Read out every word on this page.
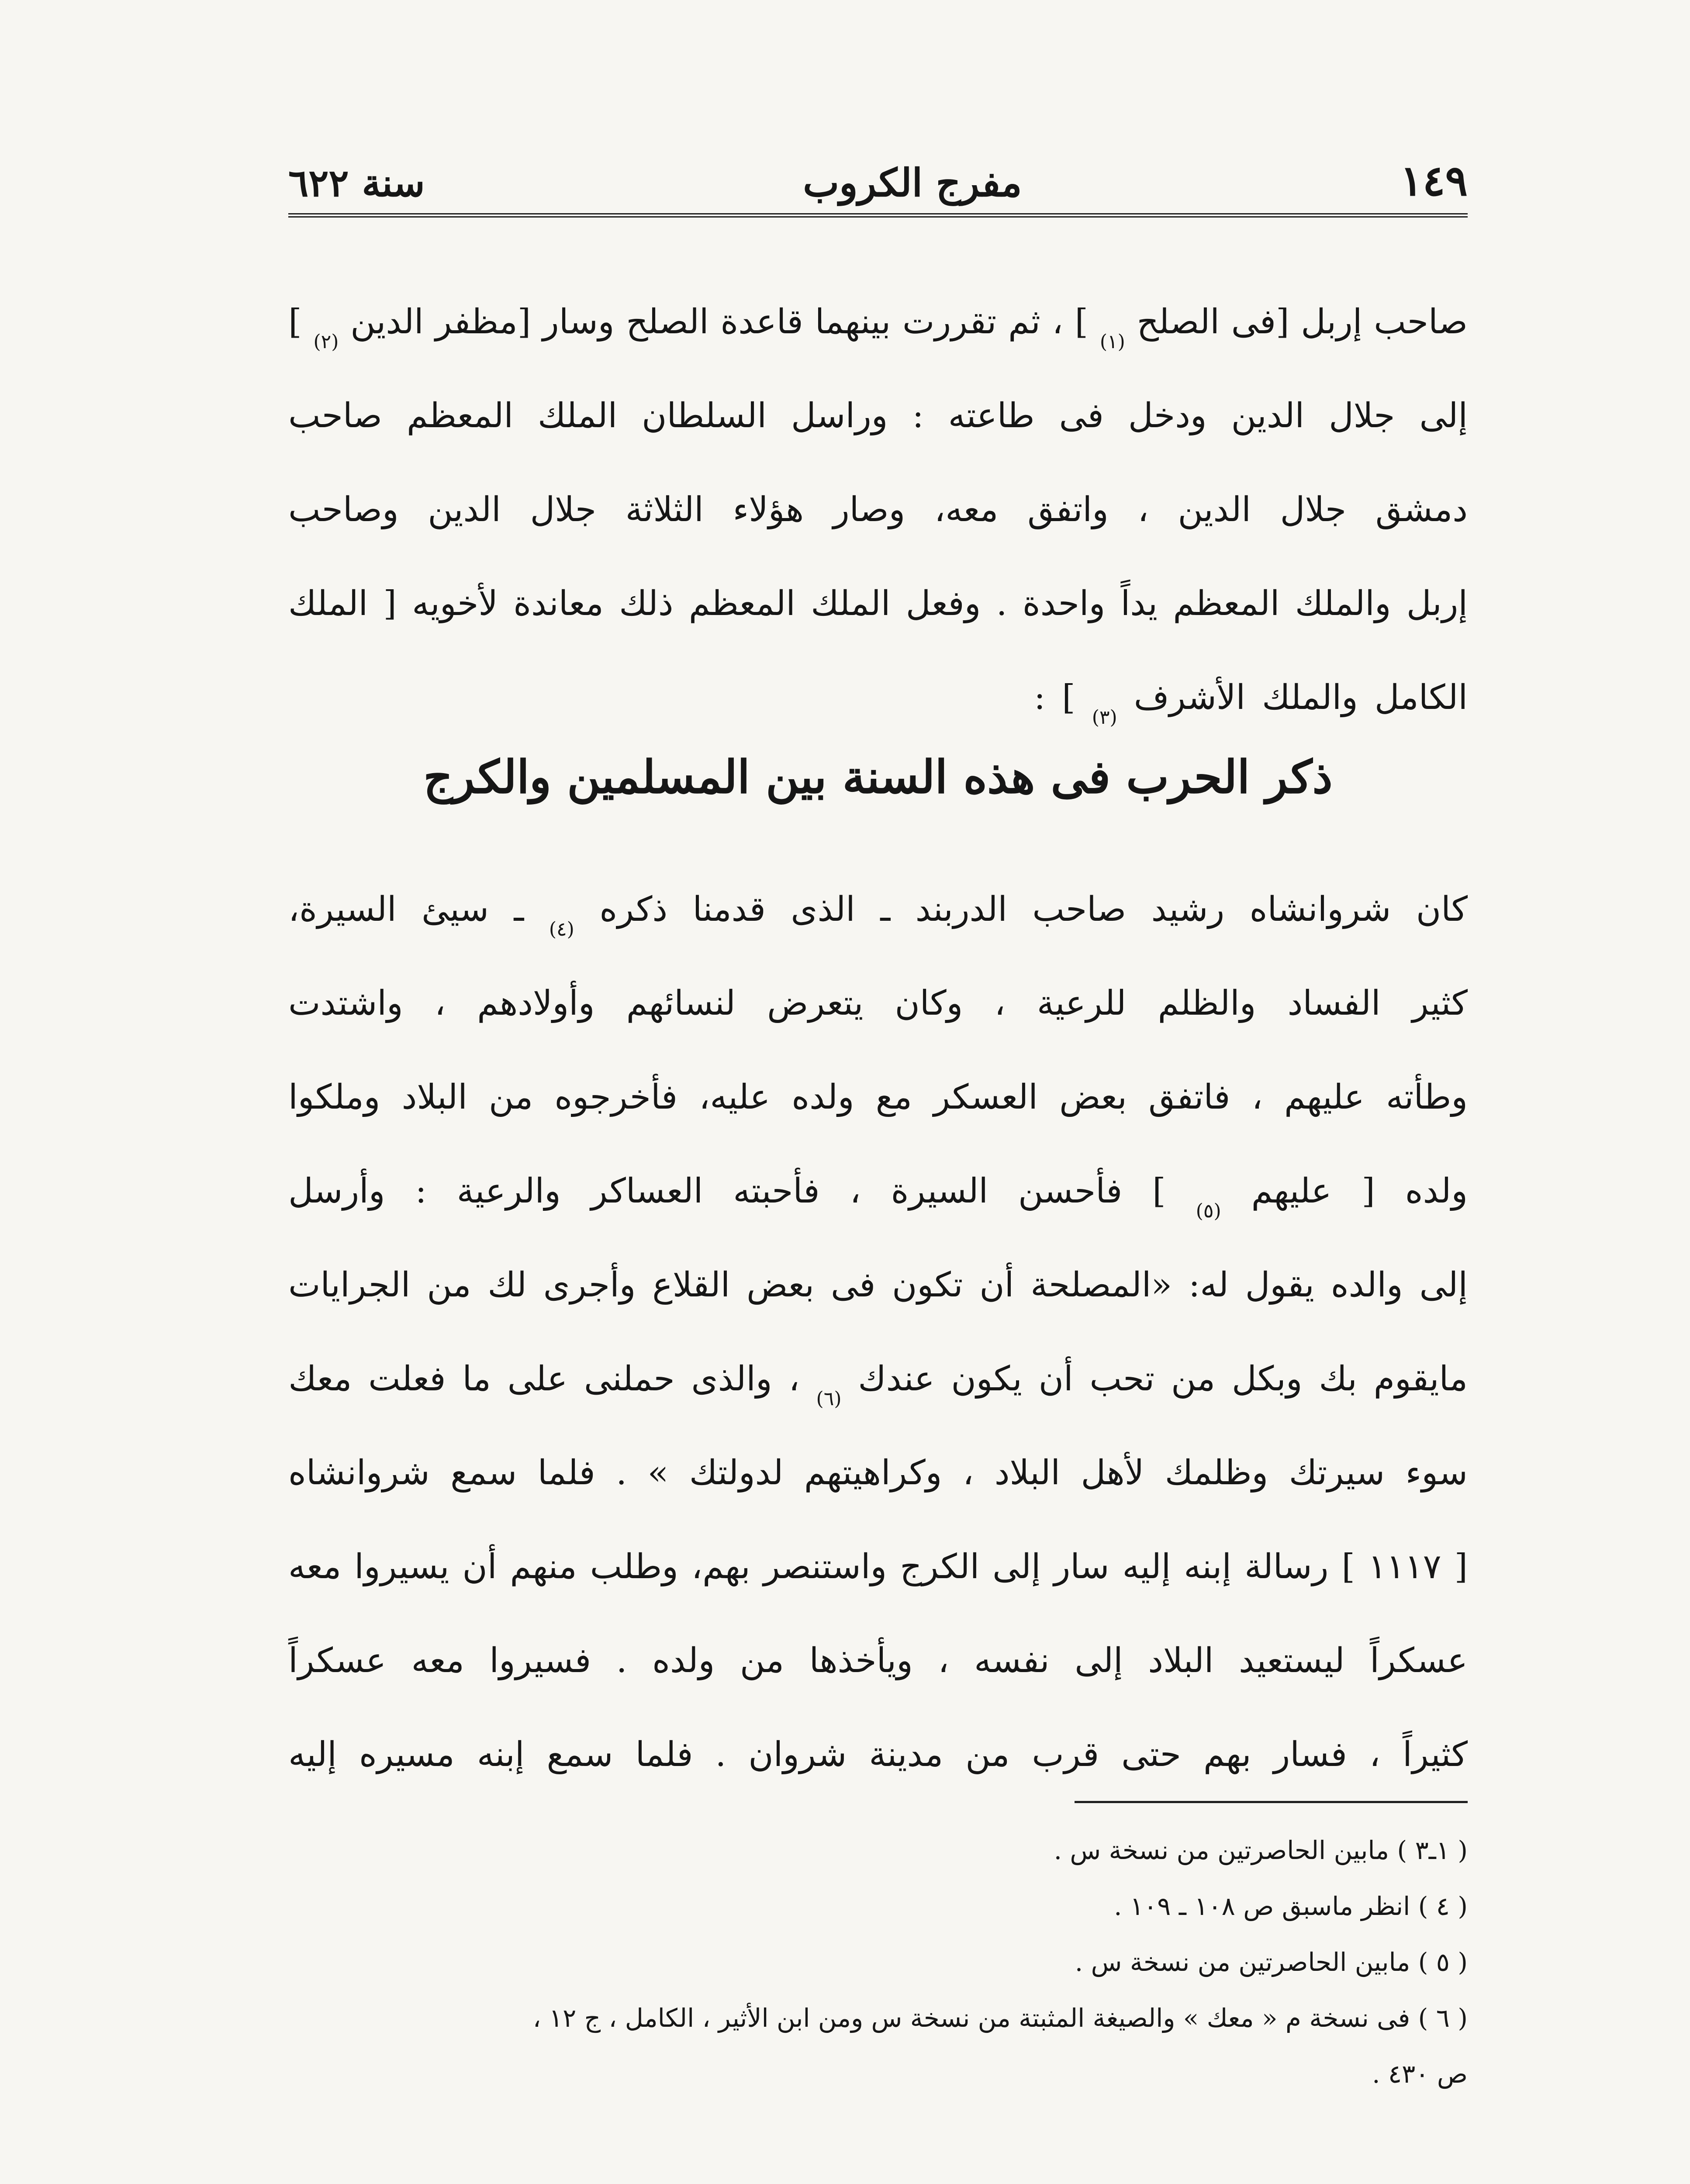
١٤٩
مفرج الكروب
سنة ٦٢٢
صاحب
إربل
[فى
الصلح
(١)
]
،
ثم
تقررت
بينهما
قاعدة
الصلح
وسار
[مظفر
الدين
(٢)
]
إلى
جلال
الدين
ودخل
فى
طاعته
:
وراسل
السلطان
الملك
المعظم
صاحب
دمشق
جلال
الدين
،
واتفق
معه،
وصار
هؤلاء
الثلاثة
جلال
الدين
وصاحب
إربل
والملك
المعظم
يداً
واحدة
.
وفعل
الملك
المعظم
ذلك
معاندة
لأخويه
[
الملك
الكامل
والملك
الأشرف
(٣)
]
:
ذكر الحرب فى هذه السنة بين المسلمين والكرج
كان
شروانشاه
رشيد
صاحب
الدربند
ـ
الذى
قدمنا
ذكره
(٤)
ـ
سيئ
السيرة،
كثير
الفساد
والظلم
للرعية
،
وكان
يتعرض
لنسائهم
وأولادهم
،
واشتدت
وطأته
عليهم
،
فاتفق
بعض
العسكر
مع
ولده
عليه،
فأخرجوه
من
البلاد
وملكوا
ولده
[
عليهم
(٥)
]
فأحسن
السيرة
،
فأحبته
العساكر
والرعية
:
وأرسل
إلى
والده
يقول
له:
«المصلحة
أن
تكون
فى
بعض
القلاع
وأجرى
لك
من
الجرايات
مايقوم
بك
وبكل
من
تحب
أن
يكون
عندك
(٦)
،
والذى
حملنى
على
ما
فعلت
معك
سوء
سيرتك
وظلمك
لأهل
البلاد
،
وكراهيتهم
لدولتك
»
.
فلما
سمع
شروانشاه
[
١١١٧
]
رسالة
إبنه
إليه
سار
إلى
الكرج
واستنصر
بهم،
وطلب
منهم
أن
يسيروا
معه
عسكراً
ليستعيد
البلاد
إلى
نفسه
،
ويأخذها
من
ولده
.
فسيروا
معه
عسكراً
كثيراً
،
فسار
بهم
حتى
قرب
من
مدينة
شروان
.
فلما
سمع
إبنه
مسيره
إليه
( ١ـ٣ ) مابين الحاصرتين من نسخة س .
( ٤ ) انظر ماسبق ص ١٠٨ ـ ١٠٩ .
( ٥ ) مابين الحاصرتين من نسخة س .
( ٦ ) فى نسخة م « معك » والصيغة المثبتة من نسخة س ومن ابن الأثير ، الكامل ، ج ١٢ ،
ص ٤٣٠ .
